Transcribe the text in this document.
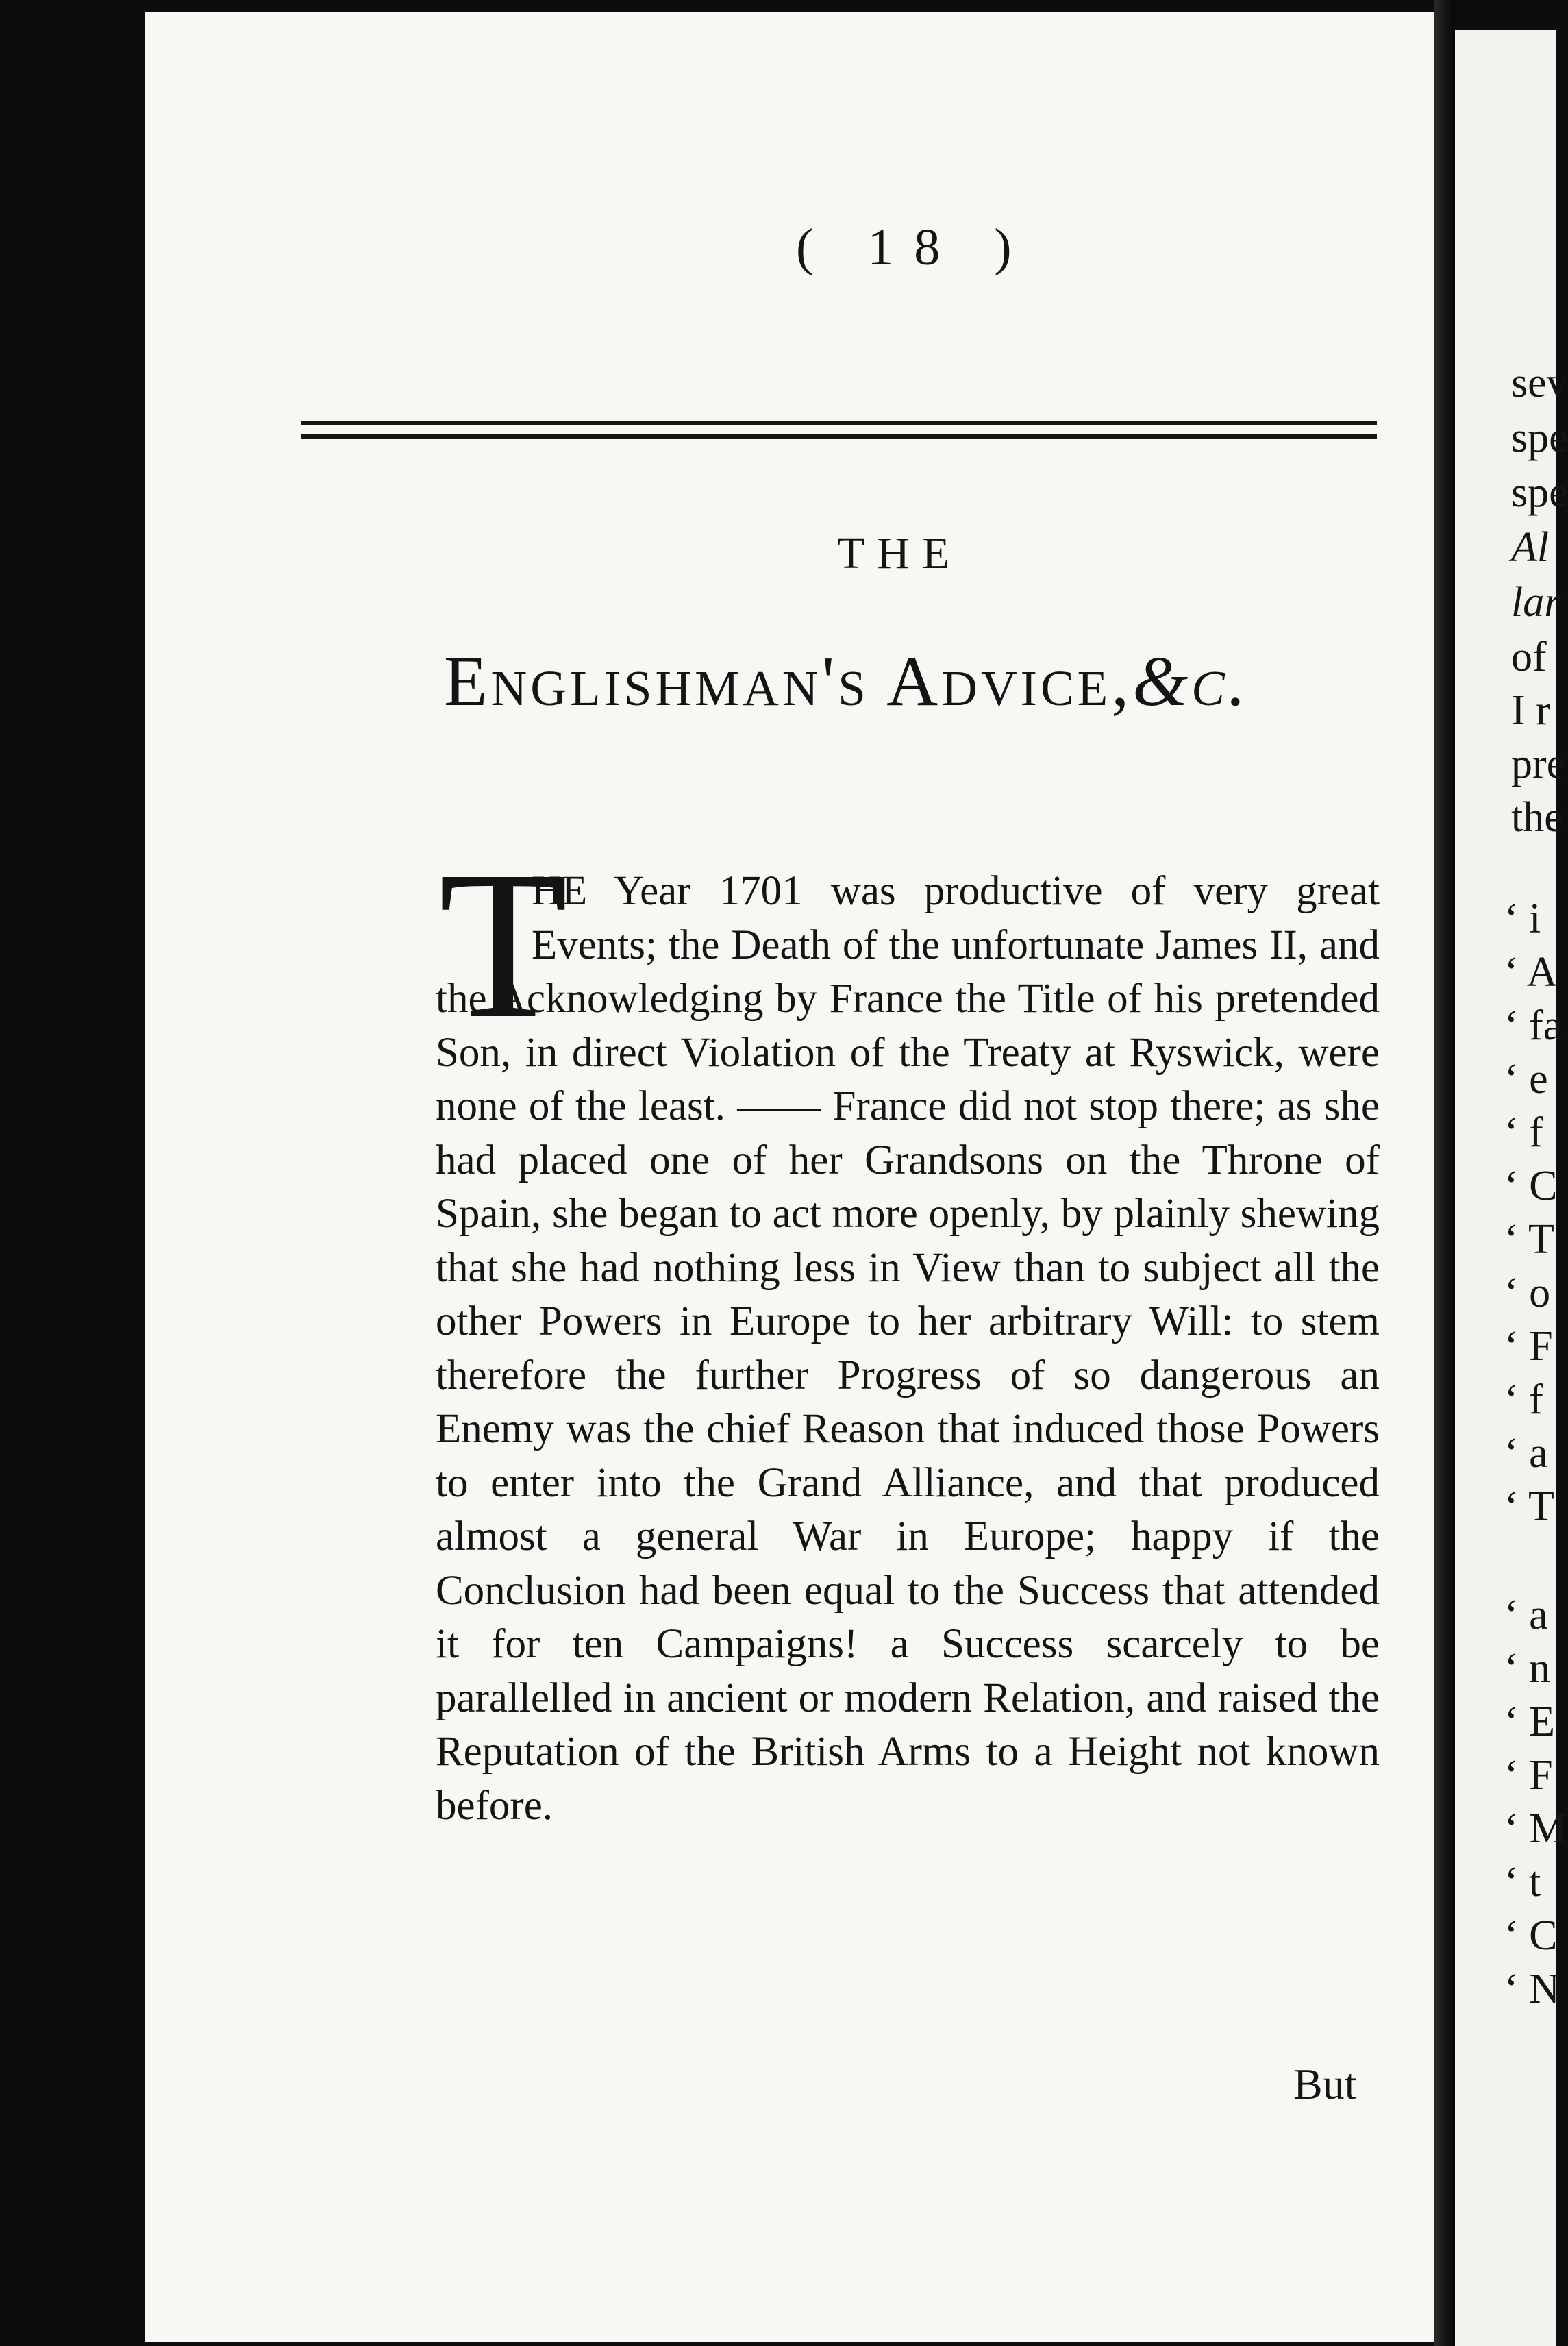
sev

spe

spe

Al

lar

of

I r

pre

the

‘ i

‘ A

‘ fa

‘ e

‘ f

‘ C

‘ T

‘ o

‘ F

‘ f

‘ a

‘ T

‘ a

‘ n

‘ E

‘ F

‘ M

‘ t

‘ C

‘ N

( 18 )

THE

Englishman's Advice,&c.

T

HE Year 1701 was productive of very great Events; the Death of the unfortunate James II, and the Acknowledging by France the Title of his pretended Son, in direct Violation of the Treaty at Ryswick, were none of the least. —— France did not stop there; as she had placed one of her Grandsons on the Throne of Spain, she began to act more openly, by plainly shewing that she had nothing less in View than to subject all the other Powers in Europe to her arbitrary Will: to stem therefore the further Progress of so dangerous an Enemy was the chief Reason that induced those Powers to enter into the Grand Alliance, and that produced almost a general War in Europe; happy if the Conclusion had been equal to the Success that attended it for ten Campaigns! a Success scarcely to be parallelled in ancient or modern Relation, and raised the Reputation of the British Arms to a Height not known before.

But
